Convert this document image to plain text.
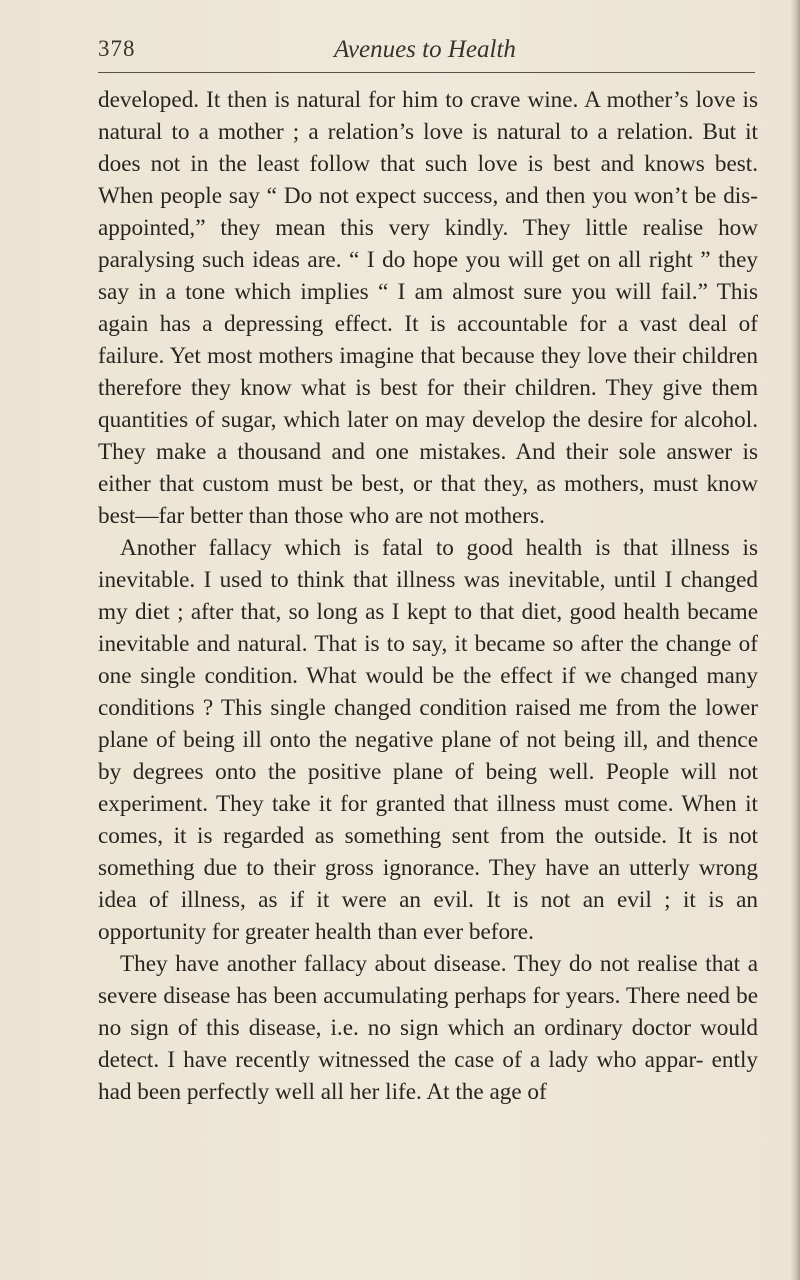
378	Avenues to Health

developed. It then is natural for him to crave wine. A mother’s love is natural to a mother ; a relation’s love is natural to a relation. But it does not in the least follow that such love is best and knows best. When people say “ Do not expect success, and then you won’t be dis- appointed,” they mean this very kindly. They little realise how paralysing such ideas are. “ I do hope you will get on all right ” they say in a tone which implies “ I am almost sure you will fail.” This again has a depressing effect. It is accountable for a vast deal of failure. Yet most mothers imagine that because they love their children therefore they know what is best for their children. They give them quantities of sugar, which later on may develop the desire for alcohol. They make a thousand and one mistakes. And their sole answer is either that custom must be best, or that they, as mothers, must know best—far better than those who are not mothers.

Another fallacy which is fatal to good health is that illness is inevitable. I used to think that illness was inevitable, until I changed my diet ; after that, so long as I kept to that diet, good health became inevitable and natural. That is to say, it became so after the change of one single condition. What would be the effect if we changed many conditions ? This single changed condition raised me from the lower plane of being ill onto the negative plane of not being ill, and thence by degrees onto the positive plane of being well. People will not experiment. They take it for granted that illness must come. When it comes, it is regarded as something sent from the outside. It is not something due to their gross ignorance. They have an utterly wrong idea of illness, as if it were an evil. It is not an evil ; it is an opportunity for greater health than ever before.

They have another fallacy about disease. They do not realise that a severe disease has been accumulating perhaps for years. There need be no sign of this disease, i.e. no sign which an ordinary doctor would detect. I have recently witnessed the case of a lady who appar- ently had been perfectly well all her life. At the age of
